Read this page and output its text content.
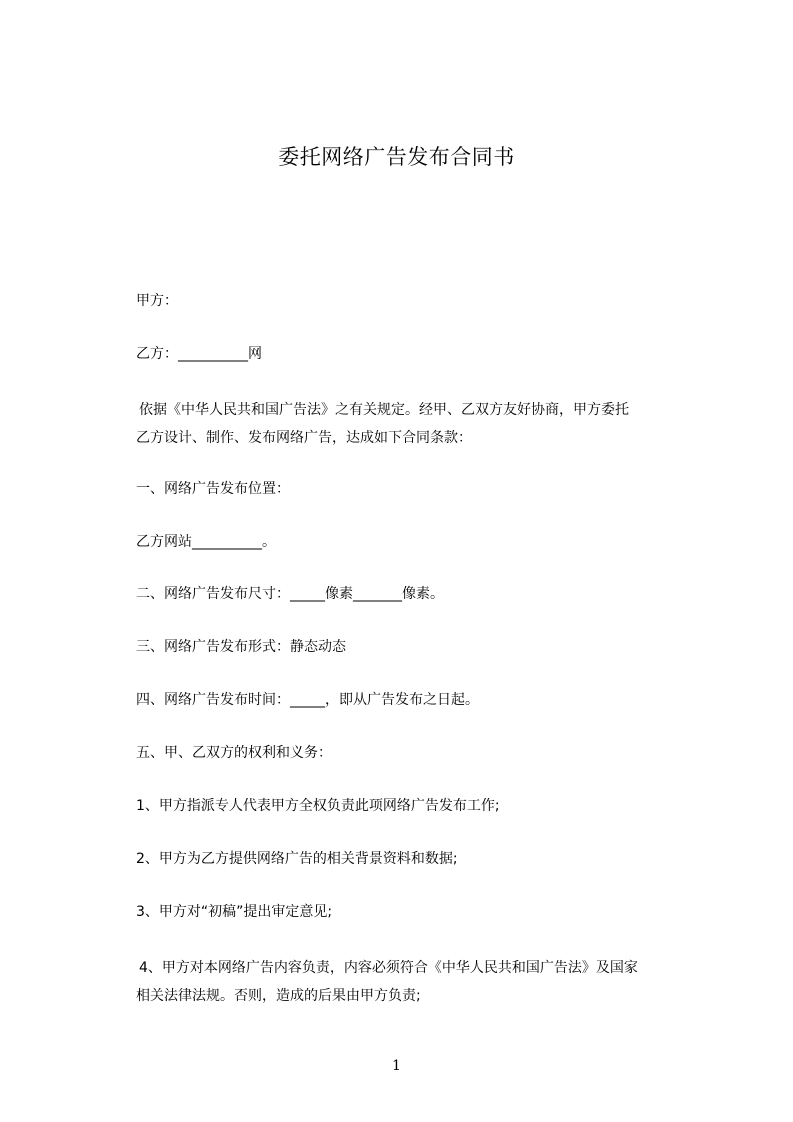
委托网络广告发布合同书
甲方：
乙方：__________网
依据《中华人民共和国广告法》之有关规定。经甲、乙双方友好协商，甲方委托
乙方设计、制作、发布网络广告，达成如下合同条款：
一、网络广告发布位置：
乙方网站__________。
二、网络广告发布尺寸：_____像素_______像素。
三、网络广告发布形式：静态动态
四、网络广告发布时间：_____，即从广告发布之日起。
五、甲、乙双方的权利和义务：
1、甲方指派专人代表甲方全权负责此项网络广告发布工作;
2、甲方为乙方提供网络广告的相关背景资料和数据;
3、甲方对“初稿”提出审定意见;
4、甲方对本网络广告内容负责，内容必须符合《中华人民共和国广告法》及国家
相关法律法规。否则，造成的后果由甲方负责;
1
